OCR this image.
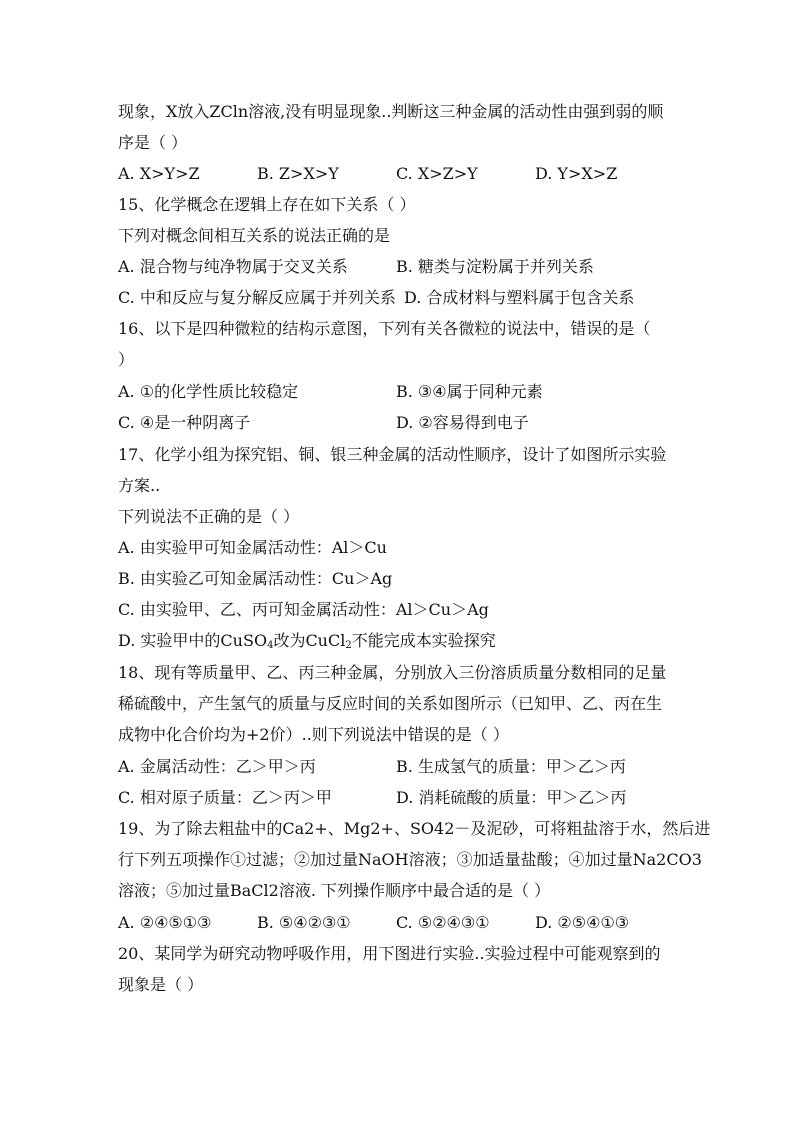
现象，X放入ZCln溶液,没有明显现象..判断这三种金属的活动性由强到弱的顺
序是（ ）
A. X>Y>Z	B. Z>X>Y	C. X>Z>Y	D. Y>X>Z
15、化学概念在逻辑上存在如下关系（ ）
下列对概念间相互关系的说法正确的是
A. 混合物与纯净物属于交叉关系	B. 糖类与淀粉属于并列关系
C. 中和反应与复分解反应属于并列关系 D. 合成材料与塑料属于包含关系
16、以下是四种微粒的结构示意图，下列有关各微粒的说法中，错误的是（
）
A. ①的化学性质比较稳定	B. ③④属于同种元素
C. ④是一种阴离子	D. ②容易得到电子
17、化学小组为探究铝、铜、银三种金属的活动性顺序，设计了如图所示实验
方案..
下列说法不正确的是（ ）
A. 由实验甲可知金属活动性：Al＞Cu
B. 由实验乙可知金属活动性：Cu＞Ag
C. 由实验甲、乙、丙可知金属活动性：Al＞Cu＞Ag
D. 实验甲中的CuSO$_4$改为CuCl$_2$不能完成本实验探究
18、现有等质量甲、乙、丙三种金属，分别放入三份溶质质量分数相同的足量
稀硫酸中，产生氢气的质量与反应时间的关系如图所示（已知甲、乙、丙在生
成物中化合价均为+2价）..则下列说法中错误的是（ ）
A. 金属活动性：乙＞甲＞丙	B. 生成氢气的质量：甲＞乙＞丙
C. 相对原子质量：乙＞丙＞甲	D. 消耗硫酸的质量：甲＞乙＞丙
19、为了除去粗盐中的Ca2+、Mg2+、SO42－及泥砂，可将粗盐溶于水，然后进
行下列五项操作①过滤；②加过量NaOH溶液；③加适量盐酸；④加过量Na2CO3
溶液；⑤加过量BaCl2溶液. 下列操作顺序中最合适的是（ ）
A. ②④⑤①③	B. ⑤④②③①	C. ⑤②④③①	D. ②⑤④①③
20、某同学为研究动物呼吸作用，用下图进行实验..实验过程中可能观察到的
现象是（ ）
